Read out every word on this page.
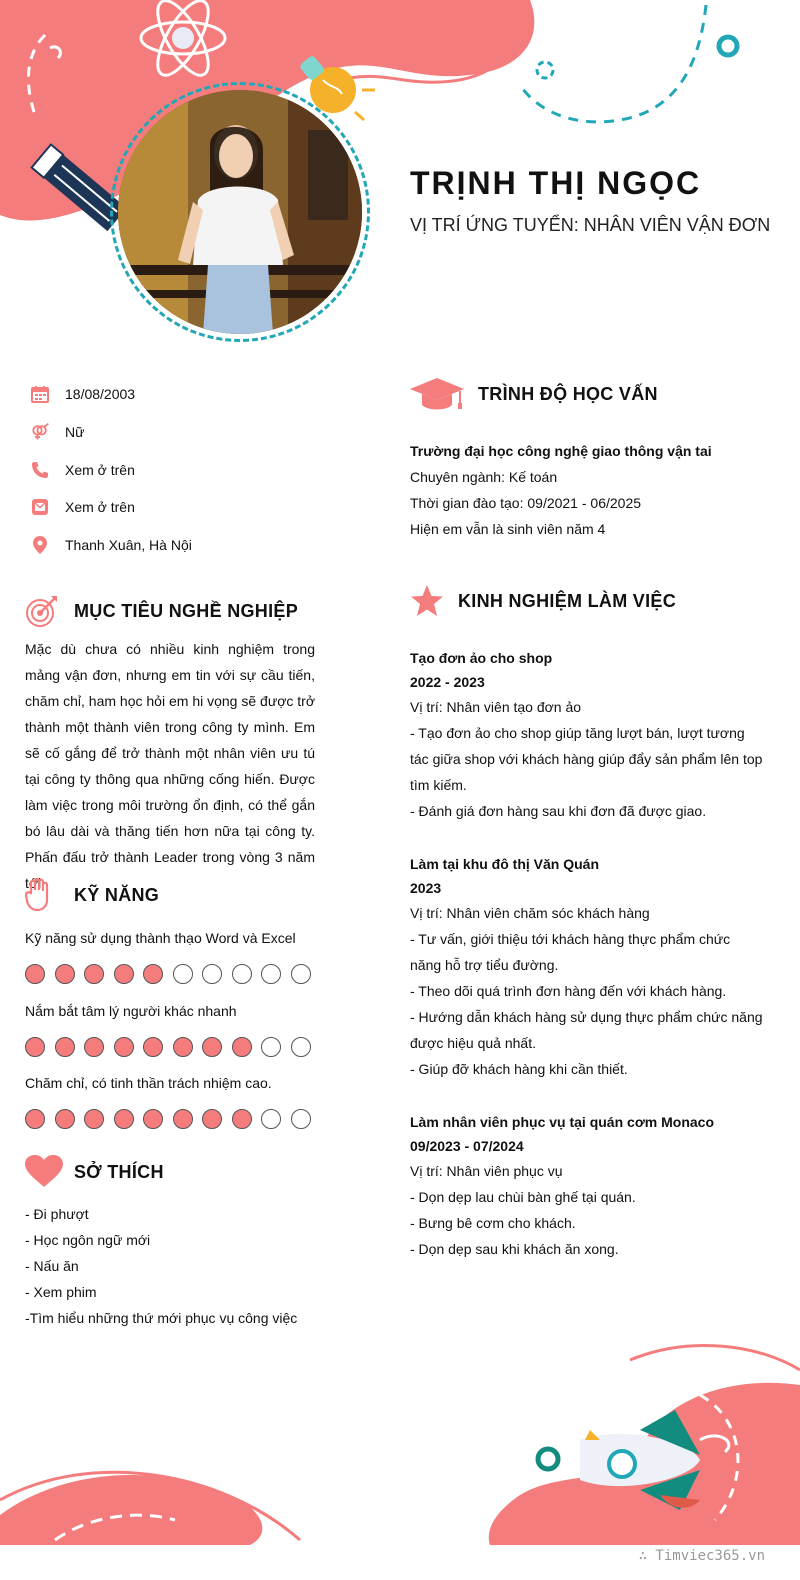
TRỊNH THỊ NGỌC
VỊ TRÍ ỨNG TUYỂN: NHÂN VIÊN VẬN ĐƠN
18/08/2003
Nữ
Xem ở trên
Xem ở trên
Thanh Xuân, Hà Nội
MỤC TIÊU NGHỀ NGHIỆP
Mặc dù chưa có nhiều kinh nghiệm trong mảng vận đơn, nhưng em tin với sự cầu tiến, chăm chỉ, ham học hỏi em hi vọng sẽ được trở thành một thành viên trong công ty mình. Em sẽ cố gắng để trở thành một nhân viên ưu tú tại công ty thông qua những cống hiến. Được làm việc trong môi trường ổn định, có thể gắn bó lâu dài và thăng tiến hơn nữa tại công ty. Phấn đấu trở thành Leader trong vòng 3 năm tới.
KỸ NĂNG
Kỹ năng sử dụng thành thạo Word và Excel
Nắm bắt tâm lý người khác nhanh
Chăm chỉ, có tinh thần trách nhiệm cao.
SỞ THÍCH
- Đi phượt
- Học ngôn ngữ mới
- Nấu ăn
- Xem phim
-Tìm hiểu những thứ mới phục vụ công việc
TRÌNH ĐỘ HỌC VẤN
Trường đại học công nghệ giao thông vận tai
Chuyên ngành: Kế toán
Thời gian đào tạo: 09/2021 - 06/2025
Hiện em vẫn là sinh viên năm 4
KINH NGHIỆM LÀM VIỆC
Tạo đơn ảo cho shop
2022 - 2023
Vị trí: Nhân viên tạo đơn ảo
- Tạo đơn ảo cho shop giúp tăng lượt bán, lượt tương tác giữa shop với khách hàng giúp đẩy sản phẩm lên top tìm kiếm.
- Đánh giá đơn hàng sau khi đơn đã được giao.
Làm tại khu đô thị Văn Quán
2023
Vị trí: Nhân viên chăm sóc khách hàng
- Tư vấn, giới thiệu tới khách hàng thực phẩm chức năng hỗ trợ tiểu đường.
- Theo dõi quá trình đơn hàng đến với khách hàng.
- Hướng dẫn khách hàng sử dụng thực phẩm chức năng được hiệu quả nhất.
- Giúp đỡ khách hàng khi cần thiết.
Làm nhân viên phục vụ tại quán cơm Monaco
09/2023 - 07/2024
Vị trí: Nhân viên phục vụ
- Dọn dẹp lau chùi bàn ghế tại quán.
- Bưng bê cơm cho khách.
- Dọn dẹp sau khi khách ăn xong.
∴ Timviec365.vn
